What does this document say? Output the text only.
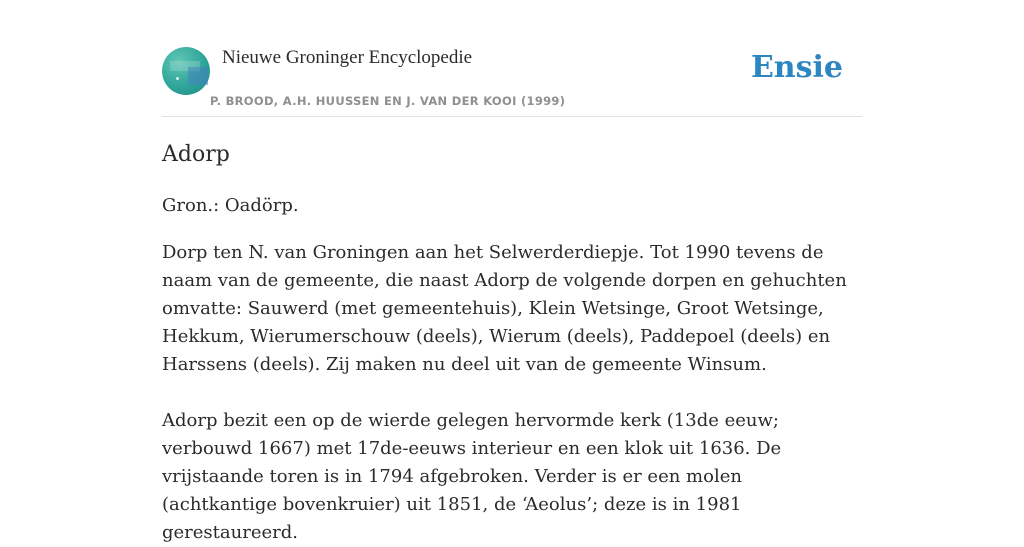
Nieuwe Groninger Encyclopedie
P. BROOD, A.H. HUUSSEN EN J. VAN DER KOOI (1999)
Ensie
Adorp

Gron.: Oadörp.

Dorp ten N. van Groningen aan het Selwerderdiepje. Tot 1990 tevens de naam van de gemeente, die naast Adorp de volgende dorpen en gehuchten omvatte: Sauwerd (met gemeentehuis), Klein Wetsinge, Groot Wetsinge, Hekkum, Wierumerschouw (deels), Wierum (deels), Paddepoel (deels) en Harssens (deels). Zij maken nu deel uit van de gemeente Winsum.

Adorp bezit een op de wierde gelegen hervormde kerk (13de eeuw; verbouwd 1667) met 17de-eeuws interieur en een klok uit 1636. De vrijstaande toren is in 1794 afgebroken. Verder is er een molen (achtkantige bovenkruier) uit 1851, de ‘Aeolus’; deze is in 1981 gerestaureerd.
